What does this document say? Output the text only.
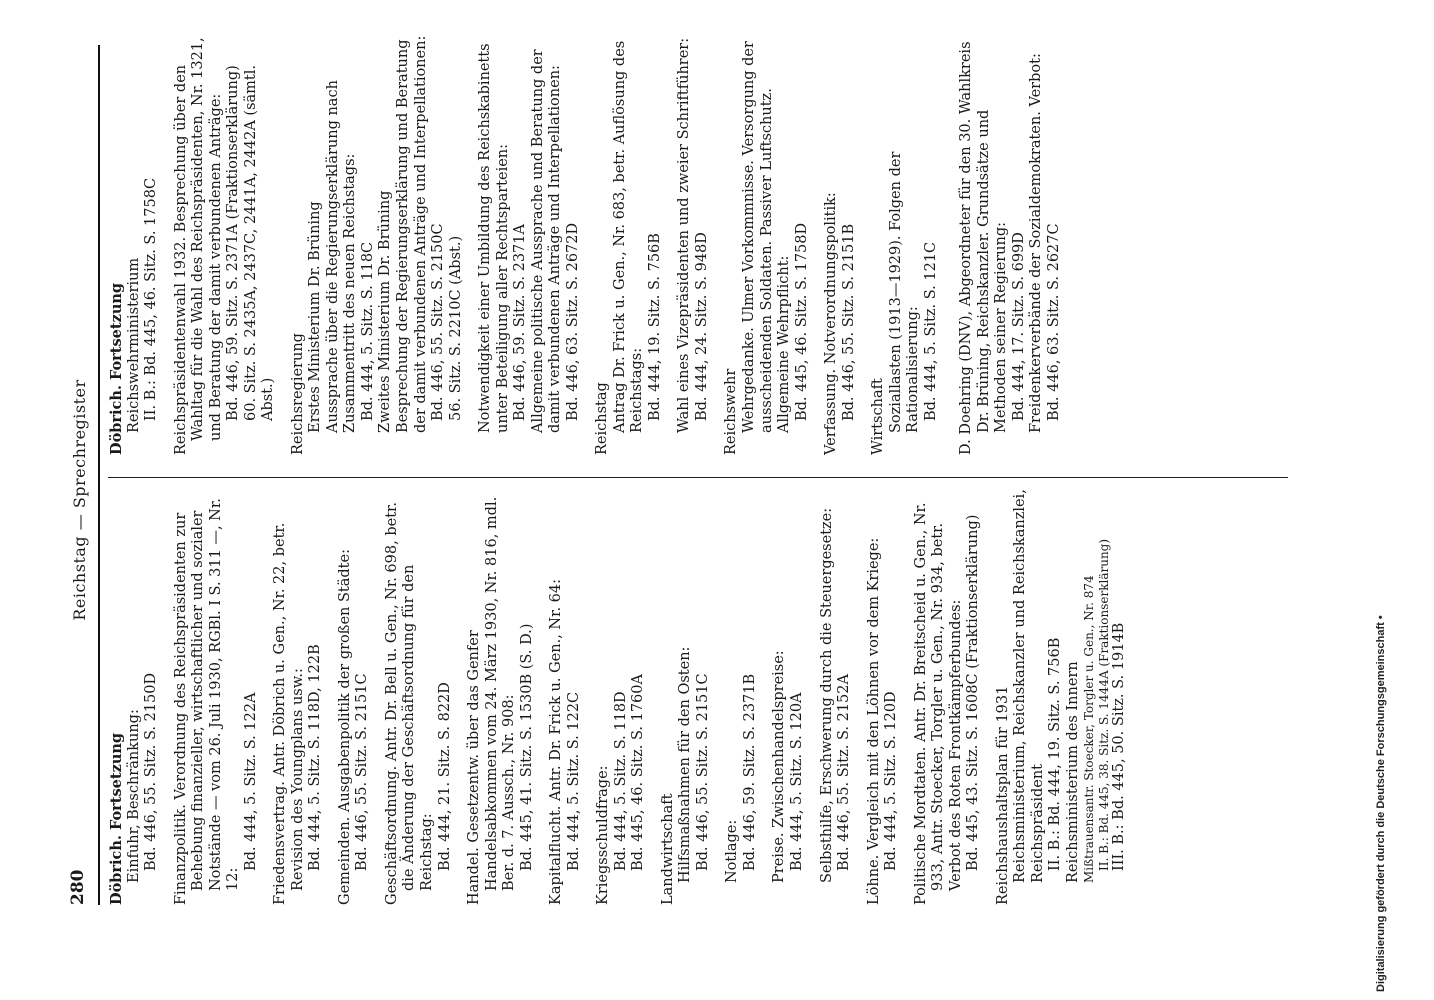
280
Reichstag — Sprechregister
Döbrich. Fortsetzung Einfuhr, Beschränkung: Bd. 446, 55. Sitz. S. 2150D Finanzpolitik. Verordnung des Reichspräsidenten zur Behebung finanzieller, wirtschaftlicher und sozialer Notstände — vom 26. Juli 1930, RGBl. I S. 311 —, Nr. 12:
Bd. 444, 5. Sitz. S. 122A Friedensvertrag. Antr. Döbrich u. Gen., Nr. 22, betr. Revision des Youngplans usw.: Bd. 444, 5. Sitz. S. 118D, 122B Gemeinden. Ausgabenpolitik der großen Städte: Bd. 446, 55. Sitz. S. 2151C Geschäftsordnung. Antr. Dr. Bell u. Gen., Nr. 698, betr. die Änderung der Geschäftsordnung für den Reichstag: Bd. 444, 21. Sitz. S. 822D Handel. Gesetzentw. über das Genfer Handelsabkommen vom 24. März 1930, Nr. 816, mdl. Ber. d. 7. Aussch., Nr. 908: Bd. 445, 41. Sitz. S. 1530B (S. D.) Kapitalflucht. Antr. Dr. Frick u. Gen., Nr. 64: Bd. 444, 5. Sitz. S. 122C Kriegsschuldfrage: Bd. 444, 5. Sitz. S. 118D Bd. 445, 46. Sitz. S. 1760A Landwirtschaft Hilfsmaßnahmen für den Osten: Bd. 446, 55. Sitz. S. 2151C Notlage: Bd. 446, 59. Sitz. S. 2371B Preise. Zwischenhandelspreise: Bd. 444, 5. Sitz. S. 120A Selbsthilfe, Erschwerung durch die Steuergesetze: Bd. 446, 55. Sitz. S. 2152A Löhne. Vergleich mit den Löhnen vor dem Kriege: Bd. 444, 5. Sitz. S. 120D Politische Mordtaten. Antr. Dr. Breitscheid u. Gen., Nr. 933, Antr. Stoecker, Torgler u. Gen., Nr. 934, betr. Verbot des Roten Frontkämpferbundes: Bd. 445, 43. Sitz. S. 1608C (Fraktionserklärung) Reichshaushaltsplan für 1931 Reichsministerium, Reichskanzler und Reichskanzlei, Reichspräsident II. B.: Bd. 444, 19. Sitz. S. 756B Reichsministerium des Innern Mißtrauensantr. Stoecker, Torgler u. Gen., Nr. 874 II. B.: Bd. 445, 38. Sitz. S. 1444A (Fraktionserklärung) III. B.: Bd. 445, 50. Sitz. S. 1914B
Döbrich. Fortsetzung Reichswehrministerium II. B.: Bd. 445, 46. Sitz. S. 1758C Reichspräsidentenwahl 1932. Besprechung über den Wahltag für die Wahl des Reichspräsidenten, Nr. 1321, und Beratung der damit verbundenen Anträge: Bd. 446, 59. Sitz. S. 2371A (Fraktionserklärung) 60. Sitz. S. 2435A, 2437C, 2441A, 2442A (sämtl. Abst.) Reichsregierung Erstes Ministerium Dr. Brüning Aussprache über die Regierungserklärung nach Zusammentritt des neuen Reichstags: Bd. 444, 5. Sitz. S. 118C Zweites Ministerium Dr. Brüning Besprechung der Regierungserklärung und Beratung der damit verbundenen Anträge und Interpellationen: Bd. 446, 55. Sitz. S. 2150C 56. Sitz. S. 2210C (Abst.) Notwendigkeit einer Umbildung des Reichskabinetts unter Beteiligung aller Rechtsparteien: Bd. 446, 59. Sitz. S. 2371A Allgemeine politische Aussprache und Beratung der damit verbundenen Anträge und Interpellationen: Bd. 446, 63. Sitz. S. 2672D Reichstag Antrag Dr. Frick u. Gen., Nr. 683, betr. Auflösung des Reichstags: Bd. 444, 19. Sitz. S. 756B Wahl eines Vizepräsidenten und zweier Schriftführer: Bd. 444, 24. Sitz. S. 948D Reichswehr Wehrgedanke. Ulmer Vorkommnisse. Versorgung der ausscheidenden Soldaten. Passiver Luftschutz. Allgemeine Wehrpflicht: Bd. 445, 46. Sitz. S. 1758D Verfassung. Notverordnungspolitik: Bd. 446, 55. Sitz. S. 2151B Wirtschaft Soziallasten (1913—1929). Folgen der Rationalisierung: Bd. 444, 5. Sitz. S. 121C D. Doehring (DNV), Abgeordneter für den 30. Wahlkreis Dr. Brüning, Reichskanzler. Grundsätze und Methoden seiner Regierung: Bd. 444, 17. Sitz. S. 699D Freidenkerverbände der Sozialdemokraten. Verbot: Bd. 446, 63. Sitz. S. 2627C
Digitalisierung gefördert durch die Deutsche Forschungsgemeinschaft •
